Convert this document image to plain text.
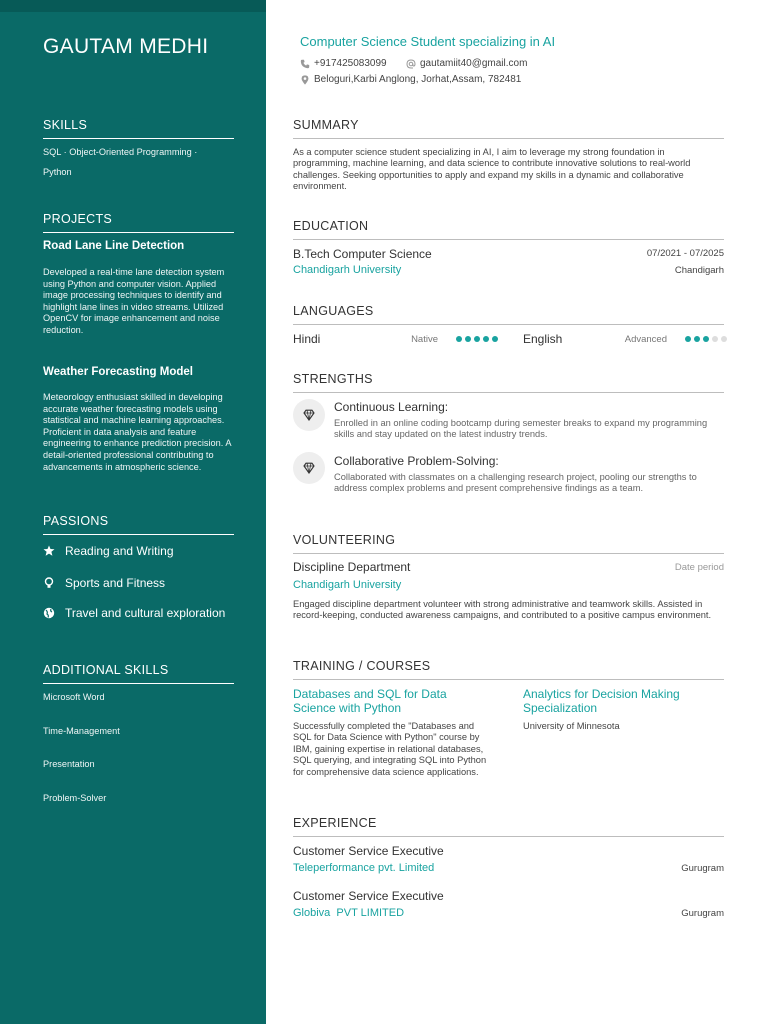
GAUTAM MEDHI
SKILLS
SQL · Object-Oriented Programming ·
Python
PROJECTS
Road Lane Line Detection
Developed a real-time lane detection system using Python and computer vision. Applied image processing techniques to identify and highlight lane lines in video streams. Utilized OpenCV for image enhancement and noise reduction.
Weather Forecasting Model
Meteorology enthusiast skilled in developing accurate weather forecasting models using statistical and machine learning approaches. Proficient in data analysis and feature engineering to enhance prediction precision. A detail-oriented professional contributing to advancements in atmospheric science.
PASSIONS
Reading and Writing
Sports and Fitness
Travel and cultural exploration
ADDITIONAL SKILLS
Microsoft Word
Time-Management
Presentation
Problem-Solver
Computer Science Student specializing in AI
+917425083099	gautamiit40@gmail.com
Beloguri,Karbi Anglong, Jorhat,Assam, 782481
SUMMARY
As a computer science student specializing in AI, I aim to leverage my strong foundation in programming, machine learning, and data science to contribute innovative solutions to real-world challenges. Seeking opportunities to apply and expand my skills in a dynamic and collaborative environment.
EDUCATION
B.Tech Computer Science	07/2021 - 07/2025
Chandigarh University	Chandigarh
LANGUAGES
Hindi	Native	English	Advanced
STRENGTHS
Continuous Learning:
Enrolled in an online coding bootcamp during semester breaks to expand my programming skills and stay updated on the latest industry trends.
Collaborative Problem-Solving:
Collaborated with classmates on a challenging research project, pooling our strengths to address complex problems and present comprehensive findings as a team.
VOLUNTEERING
Discipline Department	Date period
Chandigarh University
Engaged discipline department volunteer with strong administrative and teamwork skills. Assisted in record-keeping, conducted awareness campaigns, and contributed to a positive campus environment.
TRAINING / COURSES
Databases and SQL for Data Science with Python
Successfully completed the "Databases and SQL for Data Science with Python" course by IBM, gaining expertise in relational databases, SQL querying, and integrating SQL into Python for comprehensive data science applications.
Analytics for Decision Making Specialization
University of Minnesota
EXPERIENCE
Customer Service Executive
Teleperformance pvt. Limited	Gurugram
Customer Service Executive
Globiva  PVT LIMITED	Gurugram
